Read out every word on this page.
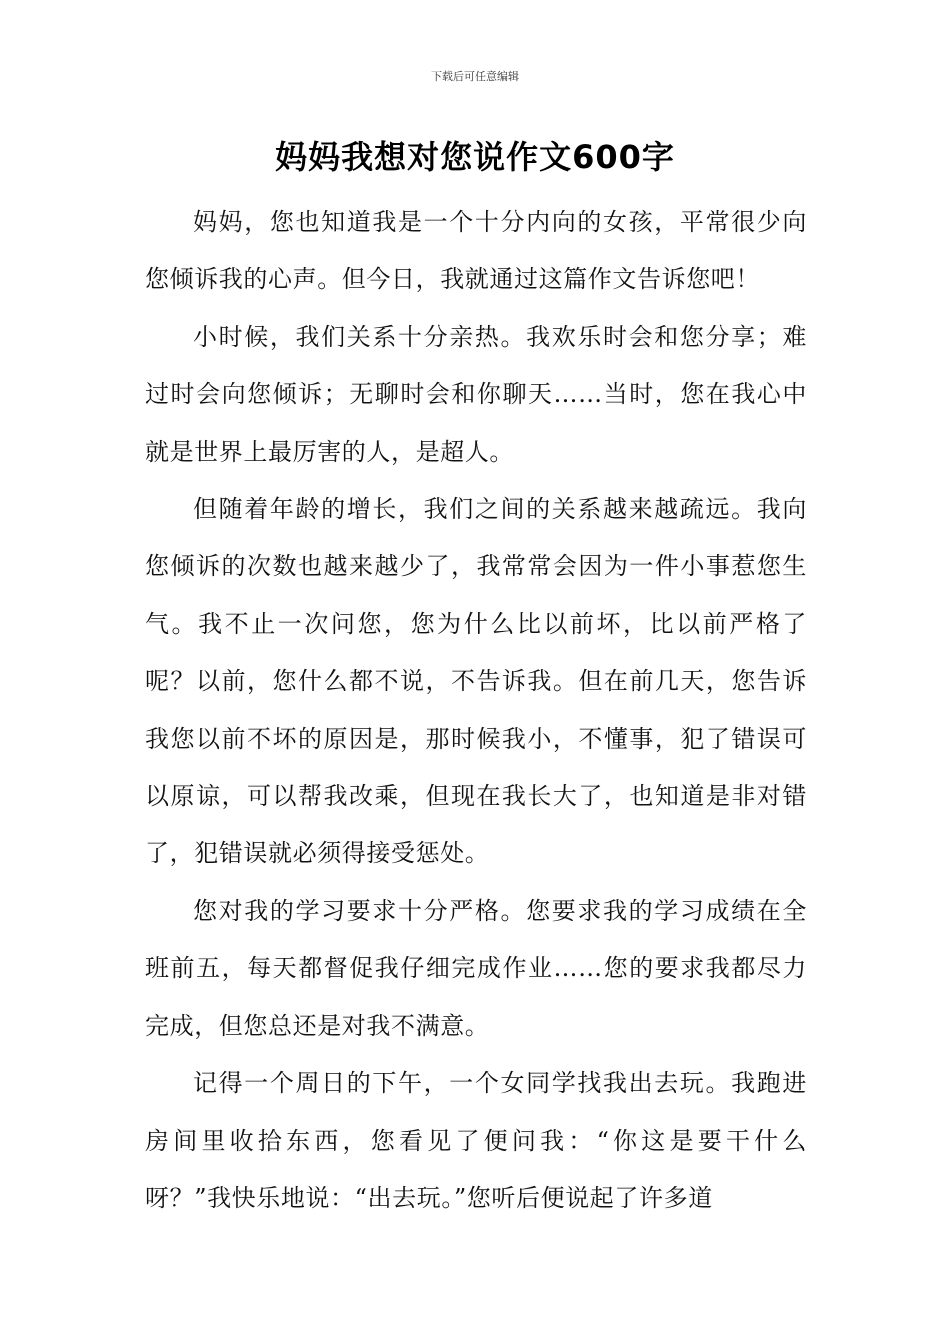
下载后可任意编辑
妈妈我想对您说作文600字

妈妈，您也知道我是一个十分内向的女孩，平常很少向您倾诉我的心声。但今日，我就通过这篇作文告诉您吧！

小时候，我们关系十分亲热。我欢乐时会和您分享；难过时会向您倾诉；无聊时会和你聊天……当时，您在我心中就是世界上最厉害的人，是超人。

但随着年龄的增长，我们之间的关系越来越疏远。我向您倾诉的次数也越来越少了，我常常会因为一件小事惹您生气。我不止一次问您，您为什么比以前坏，比以前严格了呢？以前，您什么都不说，不告诉我。但在前几天，您告诉我您以前不坏的原因是，那时候我小，不懂事，犯了错误可以原谅，可以帮我改乘，但现在我长大了，也知道是非对错了，犯错误就必须得接受惩处。

您对我的学习要求十分严格。您要求我的学习成绩在全班前五，每天都督促我仔细完成作业……您的要求我都尽力完成，但您总还是对我不满意。

记得一个周日的下午，一个女同学找我出去玩。我跑进房间里收拾东西，您看见了便问我：“你这是要干什么呀？”我快乐地说：“出去玩。”您听后便说起了许多道
